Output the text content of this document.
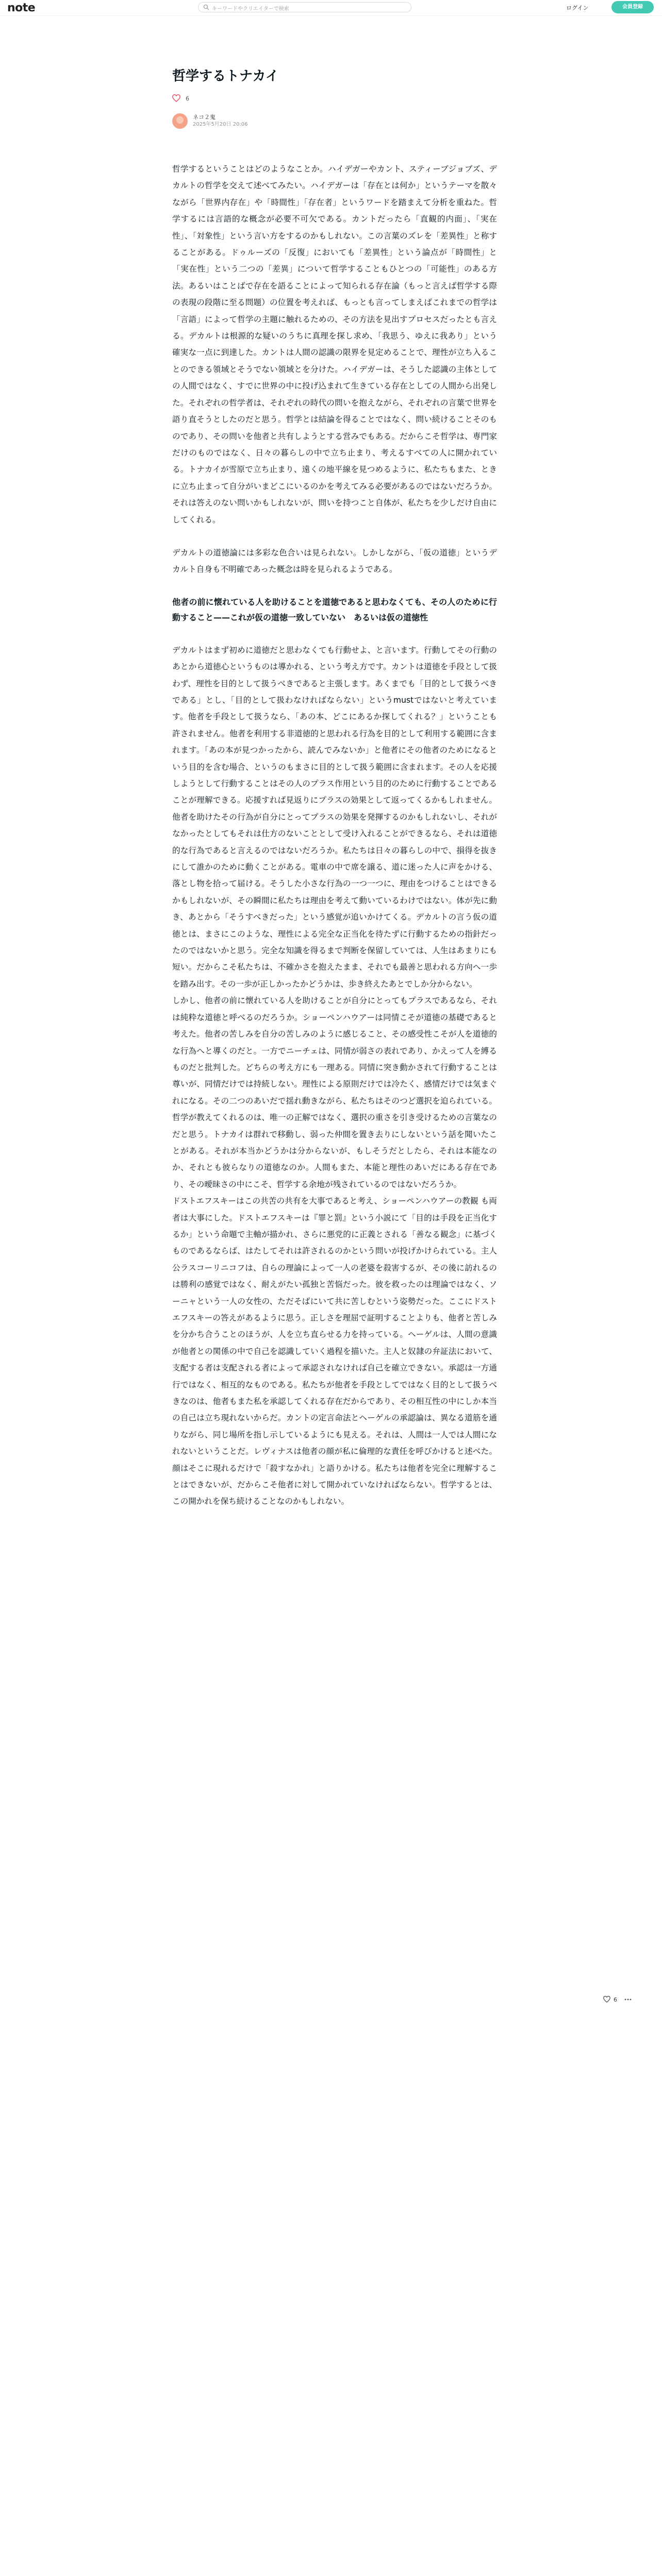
note	キーワードやクリエイターで検索	ログイン	会員登録
哲学するトナカイ
6
ネコ２鬼
2025年5月20日 20:06

哲学するということはどのようなことか。ハイデガーやカント、スティーブジョブズ、デカルトの哲学を交えて述べてみたい。ハイデガーは「存在とは何か」というテーマを散々ながら「世界内存在」や「時間性」「存在者」というワードを踏まえて分析を重ねた。哲学するには言語的な概念が必要不可欠である。カントだったら「直観的内面」、「実在性」、「対象性」という言い方をするのかもしれない。この言葉のズレを「差異性」と称することがある。ドゥルーズの「反復」においても「差異性」という論点が「時間性」と「実在性」という二つの「差異」について哲学することもひとつの「可能性」のある方法。あるいはことばで存在を語ることによって知られる存在論（もっと言えば哲学する際の表現の段階に至る問題）の位置を考えれば、もっとも言ってしまえばこれまでの哲学は「言語」によって哲学の主題に触れるための、その方法を見出すプロセスだったとも言える。デカルトは根源的な疑いのうちに真理を探し求め、「我思う、ゆえに我あり」という確実な一点に到達した。カントは人間の認識の限界を見定めることで、理性が立ち入ることのできる領域とそうでない領域とを分けた。ハイデガーは、そうした認識の主体としての人間ではなく、すでに世界の中に投げ込まれて生きている存在としての人間から出発した。それぞれの哲学者は、それぞれの時代の問いを抱えながら、それぞれの言葉で世界を語り直そうとしたのだと思う。哲学とは結論を得ることではなく、問い続けることそのものであり、その問いを他者と共有しようとする営みでもある。だからこそ哲学は、専門家だけのものではなく、日々の暮らしの中で立ち止まり、考えるすべての人に開かれている。トナカイが雪原で立ち止まり、遠くの地平線を見つめるように、私たちもまた、ときに立ち止まって自分がいまどこにいるのかを考えてみる必要があるのではないだろうか。それは答えのない問いかもしれないが、問いを持つこと自体が、私たちを少しだけ自由にしてくれる。

デカルトの道徳論には多彩な色合いは見られない。しかしながら、「仮の道徳」というデカルト自身も不明確であった概念は時を見られるようである。

他者の前に懐れている人を助けることを道徳であると思わなくても、その人のために行動すること——これが仮の道徳一致していない　あるいは仮の道徳性

デカルトはまず初めに道徳だと思わなくても行動せよ、と言います。行動してその行動のあとから道徳心というものは導かれる、という考え方です。カントは道徳を手段として扱わず、理性を目的として扱うべきであると主張します。あくまでも「目的として扱うべきである」とし、「目的として扱わなければならない」というmustではないと考えています。他者を手段として扱うなら、「あの本、どこにあるか探してくれる？」ということも許されません。他者を利用する非道徳的と思われる行為を目的として利用する範囲に含まれます。「あの本が見つかったから、読んでみないか」と他者にその他者のためになるという目的を含む場合、というのもまさに目的として扱う範囲に含まれます。その人を応援しようとして行動することはその人のプラス作用という目的のために行動することであることが理解できる。応援すれば見返りにプラスの効果として返ってくるかもしれません。他者を助けたその行為が自分にとってプラスの効果を発揮するのかもしれないし、それがなかったとしてもそれは仕方のないこととして受け入れることができるなら、それは道徳的な行為であると言えるのではないだろうか。私たちは日々の暮らしの中で、損得を抜きにして誰かのために動くことがある。電車の中で席を譲る、道に迷った人に声をかける、落とし物を拾って届ける。そうした小さな行為の一つ一つに、理由をつけることはできるかもしれないが、その瞬間に私たちは理由を考えて動いているわけではない。体が先に動き、あとから「そうすべきだった」という感覚が追いかけてくる。デカルトの言う仮の道徳とは、まさにこのような、理性による完全な正当化を待たずに行動するための指針だったのではないかと思う。完全な知識を得るまで判断を保留していては、人生はあまりにも短い。だからこそ私たちは、不確かさを抱えたまま、それでも最善と思われる方向へ一歩を踏み出す。その一歩が正しかったかどうかは、歩き終えたあとでしか分からない。

しかし、他者の前に懐れている人を助けることが自分にとってもプラスであるなら、それは純粋な道徳と呼べるのだろうか。ショーペンハウアーは同情こそが道徳の基礎であると考えた。他者の苦しみを自分の苦しみのように感じること、その感受性こそが人を道徳的な行為へと導くのだと。一方でニーチェは、同情が弱さの表れであり、かえって人を縛るものだと批判した。どちらの考え方にも一理ある。同情に突き動かされて行動することは尊いが、同情だけでは持続しない。理性による原則だけでは冷たく、感情だけでは気まぐれになる。その二つのあいだで揺れ動きながら、私たちはそのつど選択を迫られている。哲学が教えてくれるのは、唯一の正解ではなく、選択の重さを引き受けるための言葉なのだと思う。トナカイは群れで移動し、弱った仲間を置き去りにしないという話を聞いたことがある。それが本当かどうかは分からないが、もしそうだとしたら、それは本能なのか、それとも彼らなりの道徳なのか。人間もまた、本能と理性のあいだにある存在であり、その曖昧さの中にこそ、哲学する余地が残されているのではないだろうか。

ドストエフスキーはこの共苦の共有を大事であると考え、ショーペンハウアーの教観 も両者は大事にした。ドストエフスキーは『罪と罰』という小説にて「目的は手段を正当化するか」という命題で主軸が描かれ、さらに悪党的に正義とされる「善なる観念」に基づくものであるならば、はたしてそれは許されるのかという問いが投げかけられている。主人公ラスコーリニコフは、自らの理論によって一人の老婆を殺害するが、その後に訪れるのは勝利の感覚ではなく、耐えがたい孤独と苦悩だった。彼を救ったのは理論ではなく、ソーニャという一人の女性の、ただそばにいて共に苦しむという姿勢だった。ここにドストエフスキーの答えがあるように思う。正しさを理屈で証明することよりも、他者と苦しみを分かち合うことのほうが、人を立ち直らせる力を持っている。ヘーゲルは、人間の意識が他者との関係の中で自己を認識していく過程を描いた。主人と奴隷の弁証法において、支配する者は支配される者によって承認されなければ自己を確立できない。承認は一方通行ではなく、相互的なものである。私たちが他者を手段としてではなく目的として扱うべきなのは、他者もまた私を承認してくれる存在だからであり、その相互性の中にしか本当の自己は立ち現れないからだ。カントの定言命法とヘーゲルの承認論は、異なる道筋を通りながら、同じ場所を指し示しているようにも見える。それは、人間は一人では人間になれないということだ。レヴィナスは他者の顔が私に倫理的な責任を呼びかけると述べた。顔はそこに現れるだけで「殺すなかれ」と語りかける。私たちは他者を完全に理解することはできないが、だからこそ他者に対して開かれていなければならない。哲学するとは、この開かれを保ち続けることなのかもしれない。

6
